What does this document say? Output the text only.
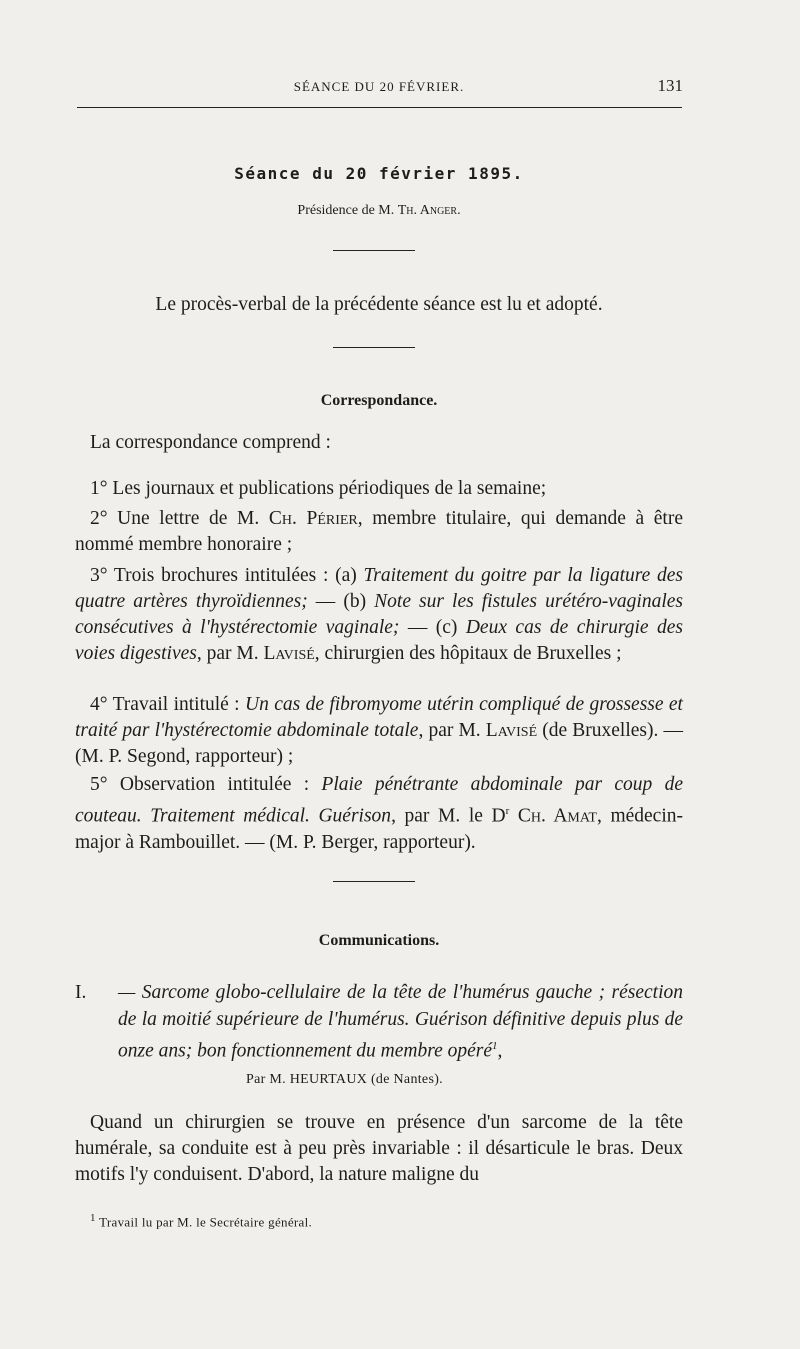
SÉANCE DU 20 FÉVRIER.	131
Séance du 20 février 1895.
Présidence de M. Th. Anger.
Le procès-verbal de la précédente séance est lu et adopté.
Correspondance.
La correspondance comprend :
1° Les journaux et publications périodiques de la semaine;
2° Une lettre de M. Ch. Périer, membre titulaire, qui demande à être nommé membre honoraire ;
3° Trois brochures intitulées : (a) Traitement du goitre par la ligature des quatre artères thyroïdiennes; — (b) Note sur les fistules urétéro-vaginales consécutives à l'hystérectomie vaginale; — (c) Deux cas de chirurgie des voies digestives, par M. Lavisé, chirurgien des hôpitaux de Bruxelles ;
4° Travail intitulé : Un cas de fibromyome utérin compliqué de grossesse et traité par l'hystérectomie abdominale totale, par M. Lavisé (de Bruxelles). — (M. P. Segond, rapporteur) ;
5° Observation intitulée : Plaie pénétrante abdominale par coup de couteau. Traitement médical. Guérison, par M. le $D^r$ Ch. Amat, médecin-major à Rambouillet. — (M. P. Berger, rapporteur).
Communications.
I. — Sarcome globo-cellulaire de la tête de l'humérus gauche ; résection de la moitié supérieure de l'humérus. Guérison définitive depuis plus de onze ans; bon fonctionnement du membre opéré$^1$,
Par M. HEURTAUX (de Nantes).
Quand un chirurgien se trouve en présence d'un sarcome de la tête humérale, sa conduite est à peu près invariable : il désarticule le bras. Deux motifs l'y conduisent. D'abord, la nature maligne du
$^1$ Travail lu par M. le Secrétaire général.
